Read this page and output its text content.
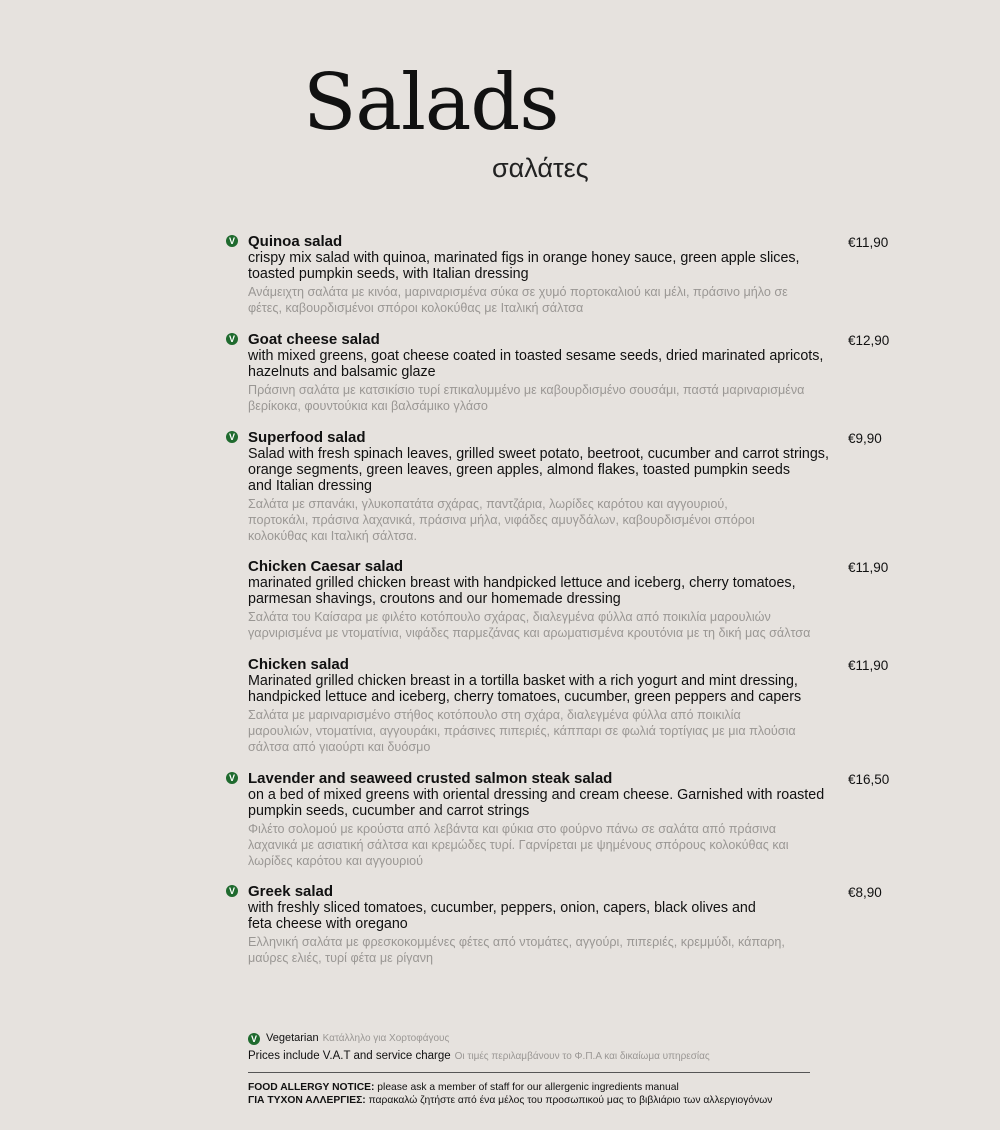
Salads
σαλάτες
V Quinoa salad
crispy mix salad with quinoa, marinated figs in orange honey sauce, green apple slices,
toasted pumpkin seeds, with Italian dressing
Ανάμειχτη σαλάτα με κινόα, μαριναρισμένα σύκα σε χυμό πορτοκαλιού και μέλι, πράσινο μήλο σε
φέτες, καβουρδισμένοι σπόροι κολοκύθας με Ιταλική σάλτσα
€11,90
V Goat cheese salad
with mixed greens, goat cheese coated in toasted sesame seeds, dried marinated apricots,
hazelnuts and balsamic glaze
Πράσινη σαλάτα με κατσικίσιο τυρί επικαλυμμένο με καβουρδισμένο σουσάμι, παστά μαριναρισμένα
βερίκοκα, φουντούκια και βαλσάμικο γλάσο
€12,90
V Superfood salad
Salad with fresh spinach leaves, grilled sweet potato, beetroot, cucumber and carrot strings,
orange segments, green leaves, green apples, almond flakes, toasted pumpkin seeds
and Italian dressing
Σαλάτα με σπανάκι, γλυκοπατάτα σχάρας, παντζάρια, λωρίδες καρότου και αγγουριού,
πορτοκάλι, πράσινα λαχανικά, πράσινα μήλα, νιφάδες αμυγδάλων, καβουρδισμένοι σπόροι
κολοκύθας και Ιταλική σάλτσα.
€9,90
Chicken Caesar salad
marinated grilled chicken breast with handpicked lettuce and iceberg, cherry tomatoes,
parmesan shavings, croutons and our homemade dressing
Σαλάτα του Καίσαρα με φιλέτο κοτόπουλο σχάρας, διαλεγμένα φύλλα από ποικιλία μαρουλιών
γαρνιρισμένα με ντοματίνια, νιφάδες παρμεζάνας και αρωματισμένα κρουτόνια με τη δική μας σάλτσα
€11,90
Chicken salad
Marinated grilled chicken breast in a tortilla basket with a rich yogurt and mint dressing,
handpicked lettuce and iceberg, cherry tomatoes, cucumber, green peppers and capers
Σαλάτα με μαριναρισμένο στήθος κοτόπουλο στη σχάρα, διαλεγμένα φύλλα από ποικιλία
μαρουλιών, ντοματίνια, αγγουράκι, πράσινες πιπεριές, κάππαρι σε φωλιά τορτίγιας με μια πλούσια
σάλτσα από γιαούρτι και δυόσμο
€11,90
V Lavender and seaweed crusted salmon steak salad
on a bed of mixed greens with oriental dressing and cream cheese. Garnished with roasted
pumpkin seeds, cucumber and carrot strings
Φιλέτο σολομού με κρούστα από λεβάντα και φύκια στο φούρνο πάνω σε σαλάτα από πράσινα
λαχανικά με ασιατική σάλτσα και κρεμώδες τυρί. Γαρνίρεται με ψημένους σπόρους κολοκύθας και
λωρίδες καρότου και αγγουριού
€16,50
V Greek salad
with freshly sliced tomatoes, cucumber, peppers, onion, capers, black olives and
feta cheese with oregano
Ελληνική σαλάτα με φρεσκοκομμένες φέτες από ντομάτες, αγγούρι, πιπεριές, κρεμμύδι, κάπαρη,
μαύρες ελιές, τυρί φέτα με ρίγανη
€8,90
V Vegetarian Κατάλληλο για Χορτοφάγους
Prices include V.A.T and service charge Οι τιμές περιλαμβάνουν το Φ.Π.Α και δικαίωμα υπηρεσίας
FOOD ALLERGY NOTICE: please ask a member of staff for our allergenic ingredients manual
ΓΙΑ ΤΥΧΟΝ ΑΛΛΕΡΓΙΕΣ: παρακαλώ ζητήστε από ένα μέλος του προσωπικού μας το βιβλιάριο των αλλεργιογόνων
